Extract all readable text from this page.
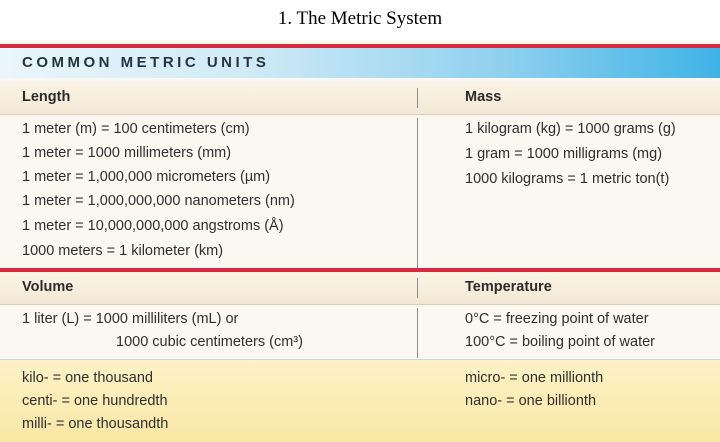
1. The Metric System
COMMON METRIC UNITS
Length	Mass
1 meter (m) = 100 centimeters (cm)
1 meter = 1000 millimeters (mm)
1 meter = 1,000,000 micrometers (µm)
1 meter = 1,000,000,000 nanometers (nm)
1 meter = 10,000,000,000 angstroms (Å)
1000 meters = 1 kilometer (km)
1 kilogram (kg) = 1000 grams (g)
1 gram = 1000 milligrams (mg)
1000 kilograms = 1 metric ton(t)
Volume	Temperature
1 liter (L) = 1000 milliliters (mL) or
1000 cubic centimeters (cm³)
0°C = freezing point of water
100°C = boiling point of water
kilo- = one thousand
centi- = one hundredth
milli- = one thousandth
micro- = one millionth
nano- = one billionth
